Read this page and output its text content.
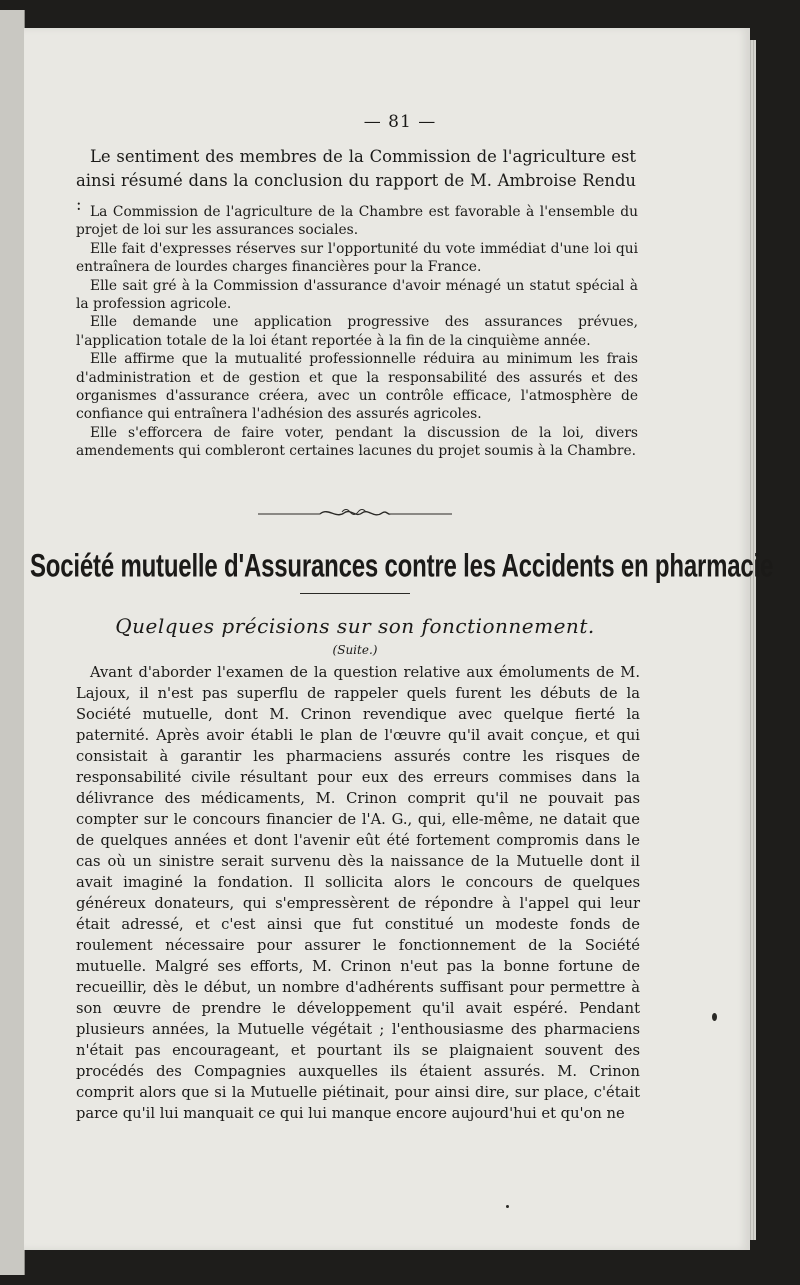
— 81 —

Le sentiment des membres de la Commission de l'agriculture est ainsi résumé dans la conclusion du rapport de M. Ambroise Rendu : La Commission de l'agriculture de la Chambre est favorable à l'ensemble du projet de loi sur les assurances sociales.

Elle fait d'expresses réserves sur l'opportunité du vote immédiat d'une loi qui entraînera de lourdes charges financières pour la France.

Elle sait gré à la Commission d'assurance d'avoir ménagé un statut spécial à la profession agricole.

Elle demande une application progressive des assurances prévues, l'application totale de la loi étant reportée à la fin de la cinquième année.

Elle affirme que la mutualité professionnelle réduira au minimum les frais d'administration et de gestion et que la responsabilité des assurés et des organismes d'assurance créera, avec un contrôle efficace, l'atmosphère de confiance qui entraînera l'adhésion des assurés agricoles.

Elle s'efforcera de faire voter, pendant la discussion de la loi, divers amendements qui combleront certaines lacunes du projet soumis à la Chambre.

Société mutuelle d'Assurances contre les Accidents en pharmacie
Quelques précisions sur son fonctionnement.
(Suite.)

Avant d'aborder l'examen de la question relative aux émoluments de M. Lajoux, il n'est pas superflu de rappeler quels furent les débuts de la Société mutuelle, dont M. Crinon revendique avec quelque fierté la paternité. Après avoir établi le plan de l'œuvre qu'il avait conçue, et qui consistait à garantir les pharmaciens assurés contre les risques de responsabilité civile résultant pour eux des erreurs commises dans la délivrance des médicaments, M. Crinon comprit qu'il ne pouvait pas compter sur le concours financier de l'A. G., qui, elle-même, ne datait que de quelques années et dont l'avenir eût été fortement compromis dans le cas où un sinistre serait survenu dès la naissance de la Mutuelle dont il avait imaginé la fondation. Il sollicita alors le concours de quelques généreux donateurs, qui s'empressèrent de répondre à l'appel qui leur était adressé, et c'est ainsi que fut constitué un modeste fonds de roulement nécessaire pour assurer le fonctionnement de la Société mutuelle. Malgré ses efforts, M. Crinon n'eut pas la bonne fortune de recueillir, dès le début, un nombre d'adhérents suffisant pour permettre à son œuvre de prendre le développement qu'il avait espéré. Pendant plusieurs années, la Mutuelle végétait ; l'enthousiasme des pharmaciens n'était pas encourageant, et pourtant ils se plaignaient souvent des procédés des Compagnies auxquelles ils étaient assurés. M. Crinon comprit alors que si la Mutuelle piétinait, pour ainsi dire, sur place, c'était parce qu'il lui manquait ce qui lui manque encore aujourd'hui et qu'on ne
